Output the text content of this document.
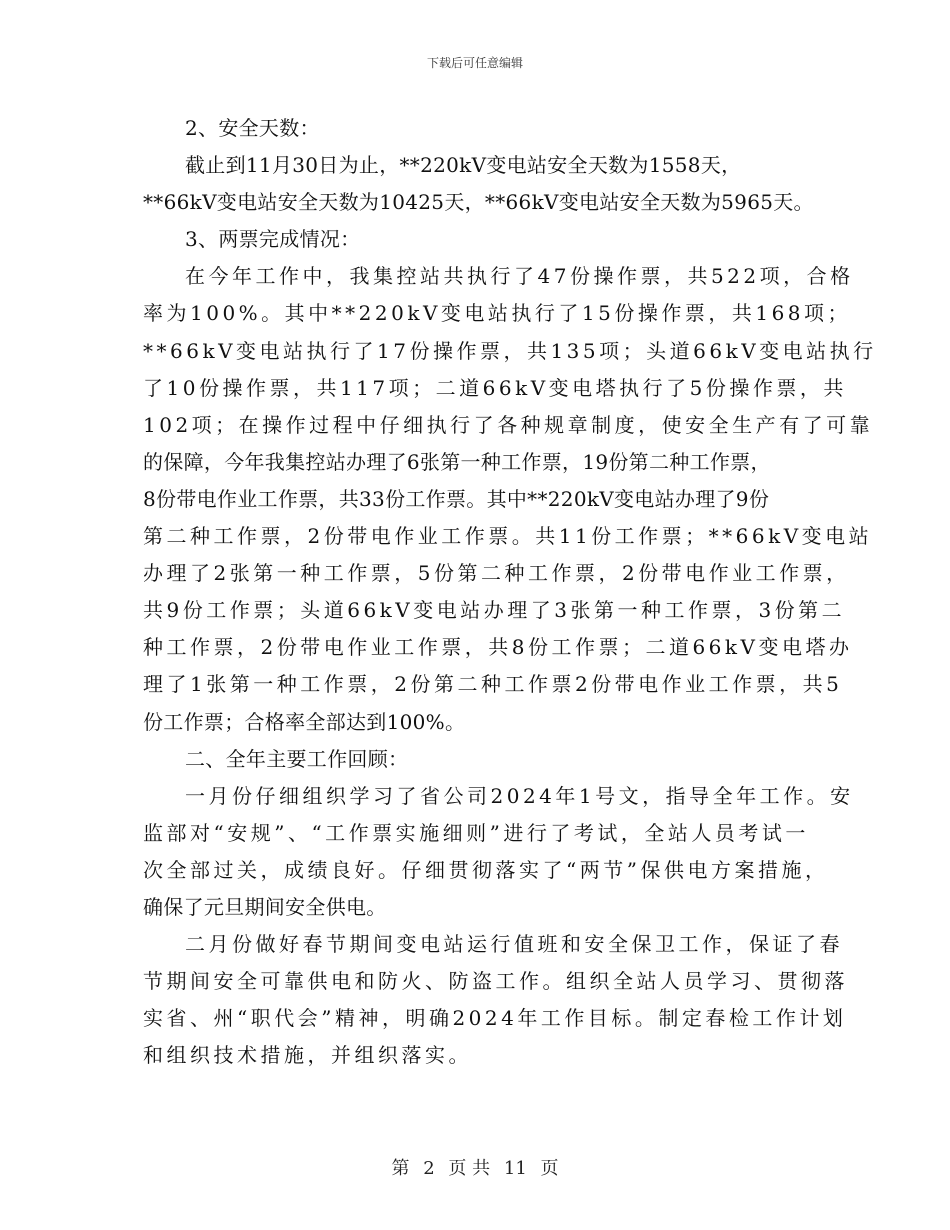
下载后可任意编辑
2、安全天数：
截止到11月30日为止，**220kV变电站安全天数为1558天，
**66kV变电站安全天数为10425天，**66kV变电站安全天数为5965天。
3、两票完成情况：
在今年工作中，我集控站共执行了47份操作票，共522项，合格
率为100%。其中**220kV变电站执行了15份操作票，共168项；
**66kV变电站执行了17份操作票，共135项；头道66kV变电站执行
了10份操作票，共117项；二道66kV变电塔执行了5份操作票，共
102项；在操作过程中仔细执行了各种规章制度，使安全生产有了可靠
的保障，今年我集控站办理了6张第一种工作票，19份第二种工作票，
8份带电作业工作票，共33份工作票。其中**220kV变电站办理了9份
第二种工作票，2份带电作业工作票。共11份工作票；**66kV变电站
办理了2张第一种工作票，5份第二种工作票，2份带电作业工作票，
共9份工作票；头道66kV变电站办理了3张第一种工作票，3份第二
种工作票，2份带电作业工作票，共8份工作票；二道66kV变电塔办
理了1张第一种工作票，2份第二种工作票2份带电作业工作票，共5
份工作票；合格率全部达到100%。
二、全年主要工作回顾：
一月份仔细组织学习了省公司2024年1号文，指导全年工作。安
监部对“安规”、“工作票实施细则”进行了考试，全站人员考试一
次全部过关，成绩良好。仔细贯彻落实了“两节”保供电方案措施，
确保了元旦期间安全供电。
二月份做好春节期间变电站运行值班和安全保卫工作，保证了春
节期间安全可靠供电和防火、防盗工作。组织全站人员学习、贯彻落
实省、州“职代会”精神，明确2024年工作目标。制定春检工作计划
和组织技术措施，并组织落实。
第 2 页 共 11 页
